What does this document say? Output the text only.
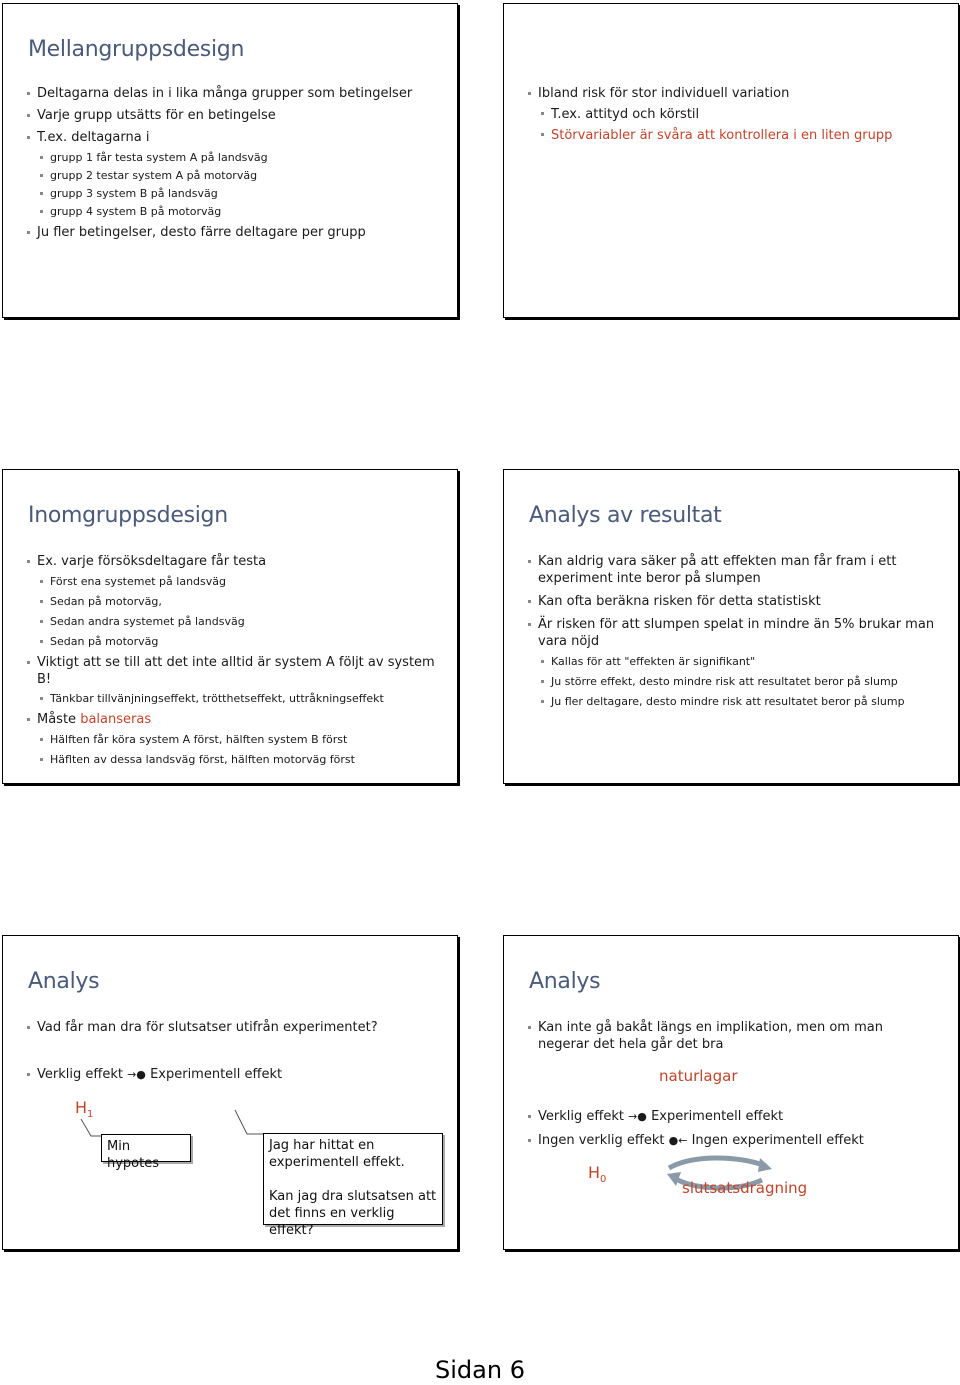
Mellangruppsdesign
Deltagarna delas in i lika många grupper som betingelser
Varje grupp utsätts för en betingelse
T.ex. deltagarna i
grupp 1 får testa system A på landsväg
grupp 2 testar system A på motorväg
grupp 3 system B på landsväg
grupp 4 system B på motorväg
Ju fler betingelser, desto färre deltagare per grupp
Ibland risk för stor individuell variation
T.ex. attityd och körstil
Störvariabler är svåra att kontrollera i en liten grupp
Inomgruppsdesign
Ex. varje försöksdeltagare får testa
Först ena systemet på landsväg
Sedan på motorväg,
Sedan andra systemet på landsväg
Sedan på motorväg
Viktigt att se till att det inte alltid är system A följt av system B!
Tänkbar tillvänjningseffekt, trötthetseffekt, uttråkningseffekt
Måste balanseras
Hälften får köra system A först, hälften system B först
Häflten av dessa landsväg först, hälften motorväg först
Analys av resultat
Kan aldrig vara säker på att effekten man får fram i ett experiment inte beror på slumpen
Kan ofta beräkna risken för detta statistiskt
Är risken för att slumpen spelat in mindre än 5% brukar man vara nöjd
Kallas för att "effekten är signifikant"
Ju större effekt, desto mindre risk att resultatet beror på slump
Ju fler deltagare, desto mindre risk att resultatet beror på slump
Analys
Vad får man dra för slutsatser utifrån experimentet?
Verklig effekt →● Experimentell effekt
$H_1$
Min hypotes
Jag har hittat en experimentell effekt.
Kan jag dra slutsatsen att det finns en verklig effekt?
Analys
Kan inte gå bakåt längs en implikation, men om man negerar det hela går det bra
naturlagar
Verklig effekt →● Experimentell effekt
Ingen verklig effekt ●← Ingen experimentell effekt
$H_0$	slutsatsdragning
Sidan 6
